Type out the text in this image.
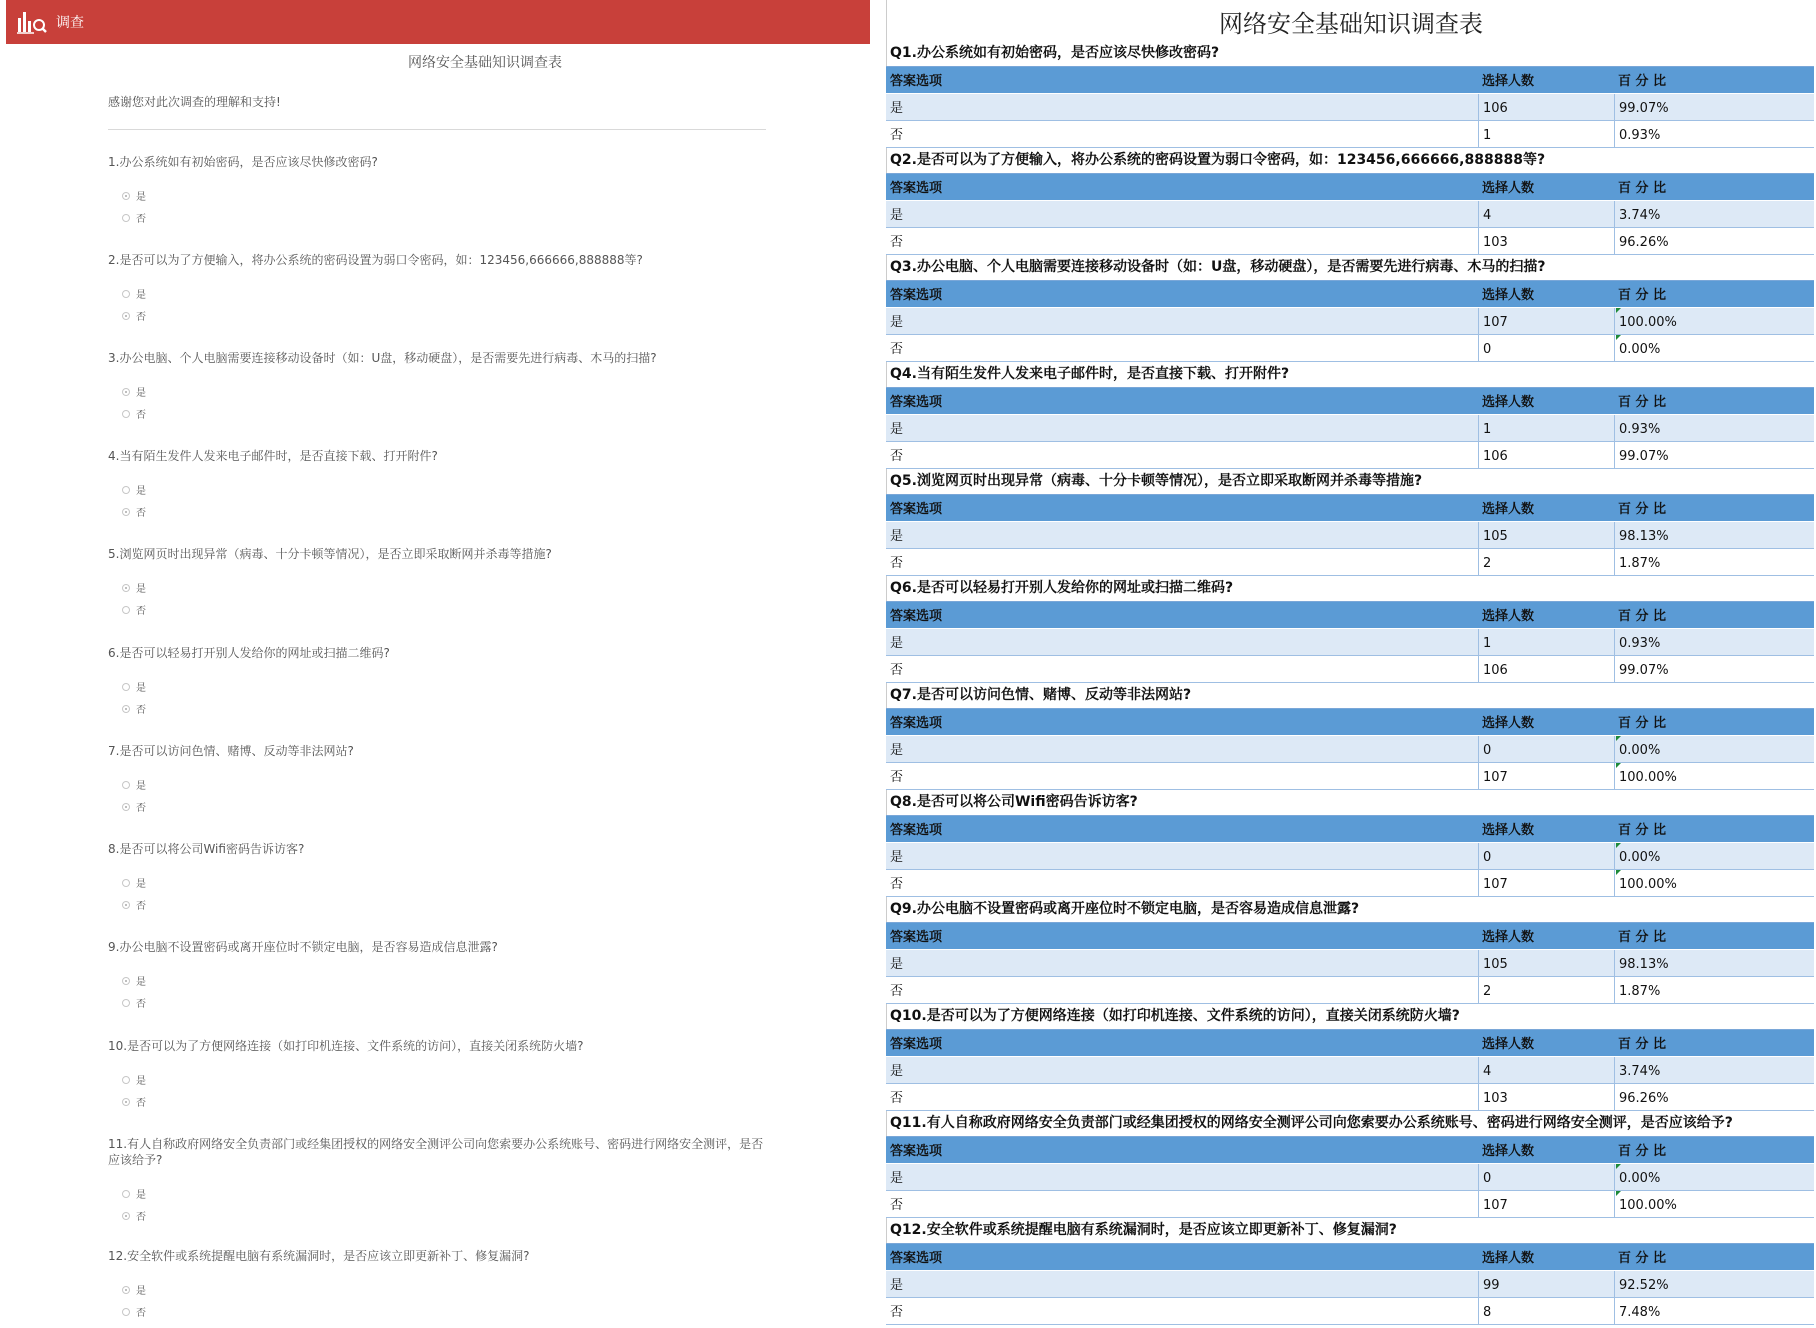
调查
网络安全基础知识调查表
感谢您对此次调查的理解和支持!
1.办公系统如有初始密码，是否应该尽快修改密码?
是
否
2.是否可以为了方便输入，将办公系统的密码设置为弱口令密码，如：123456,666666,888888等?
是
否
3.办公电脑、个人电脑需要连接移动设备时（如：U盘，移动硬盘），是否需要先进行病毒、木马的扫描?
是
否
4.当有陌生发件人发来电子邮件时，是否直接下载、打开附件?
是
否
5.浏览网页时出现异常（病毒、十分卡顿等情况），是否立即采取断网并杀毒等措施?
是
否
6.是否可以轻易打开别人发给你的网址或扫描二维码?
是
否
7.是否可以访问色情、赌博、反动等非法网站?
是
否
8.是否可以将公司Wifi密码告诉访客?
是
否
9.办公电脑不设置密码或离开座位时不锁定电脑，是否容易造成信息泄露?
是
否
10.是否可以为了方便网络连接（如打印机连接、文件系统的访问），直接关闭系统防火墙?
是
否
11.有人自称政府网络安全负责部门或经集团授权的网络安全测评公司向您索要办公系统账号、密码进行网络安全测评，是否应该给予?
是
否
12.安全软件或系统提醒电脑有系统漏洞时，是否应该立即更新补丁、修复漏洞?
是
否
网络安全基础知识调查表
Q1.办公系统如有初始密码，是否应该尽快修改密码?
答案选项	选择人数	百 分 比
是	106	99.07%
否	1	0.93%
Q2.是否可以为了方便输入，将办公系统的密码设置为弱口令密码，如：123456,666666,888888等?
答案选项	选择人数	百 分 比
是	4	3.74%
否	103	96.26%
Q3.办公电脑、个人电脑需要连接移动设备时（如：U盘，移动硬盘），是否需要先进行病毒、木马的扫描?
答案选项	选择人数	百 分 比
是	107	100.00%
否	0	0.00%
Q4.当有陌生发件人发来电子邮件时，是否直接下载、打开附件?
答案选项	选择人数	百 分 比
是	1	0.93%
否	106	99.07%
Q5.浏览网页时出现异常（病毒、十分卡顿等情况），是否立即采取断网并杀毒等措施?
答案选项	选择人数	百 分 比
是	105	98.13%
否	2	1.87%
Q6.是否可以轻易打开别人发给你的网址或扫描二维码?
答案选项	选择人数	百 分 比
是	1	0.93%
否	106	99.07%
Q7.是否可以访问色情、赌博、反动等非法网站?
答案选项	选择人数	百 分 比
是	0	0.00%
否	107	100.00%
Q8.是否可以将公司Wifi密码告诉访客?
答案选项	选择人数	百 分 比
是	0	0.00%
否	107	100.00%
Q9.办公电脑不设置密码或离开座位时不锁定电脑，是否容易造成信息泄露?
答案选项	选择人数	百 分 比
是	105	98.13%
否	2	1.87%
Q10.是否可以为了方便网络连接（如打印机连接、文件系统的访问），直接关闭系统防火墙?
答案选项	选择人数	百 分 比
是	4	3.74%
否	103	96.26%
Q11.有人自称政府网络安全负责部门或经集团授权的网络安全测评公司向您索要办公系统账号、密码进行网络安全测评，是否应该给予?
答案选项	选择人数	百 分 比
是	0	0.00%
否	107	100.00%
Q12.安全软件或系统提醒电脑有系统漏洞时，是否应该立即更新补丁、修复漏洞?
答案选项	选择人数	百 分 比
是	99	92.52%
否	8	7.48%
